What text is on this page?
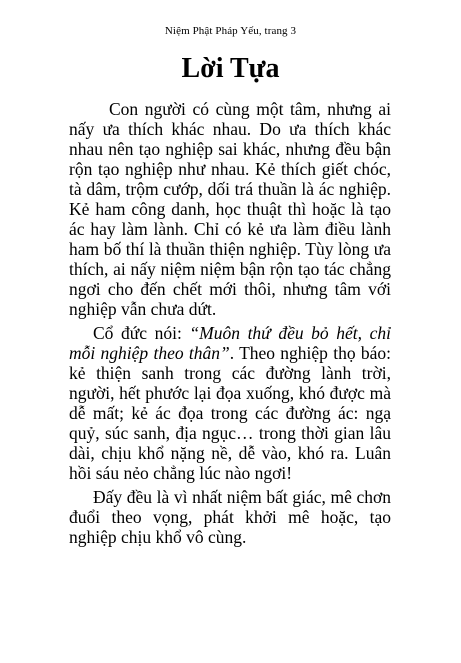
Niệm Phật Pháp Yếu, trang 3
Lời Tựa

Con người có cùng một tâm, nhưng ai nấy ưa thích khác nhau. Do ưa thích khác nhau nên tạo nghiệp sai khác, nhưng đều bận rộn tạo nghiệp như nhau. Kẻ thích giết chóc, tà dâm, trộm cướp, dối trá thuần là ác nghiệp. Kẻ ham công danh, học thuật thì hoặc là tạo ác hay làm lành. Chỉ có kẻ ưa làm điều lành ham bố thí là thuần thiện nghiệp. Tùy lòng ưa thích, ai nấy niệm niệm bận rộn tạo tác chẳng ngơi cho đến chết mới thôi, nhưng tâm với nghiệp vẫn chưa dứt.

Cổ đức nói: “Muôn thứ đều bỏ hết, chỉ mỗi nghiệp theo thân”. Theo nghiệp thọ báo: kẻ thiện sanh trong các đường lành trời, người, hết phước lại đọa xuống, khó được mà dễ mất; kẻ ác đọa trong các đường ác: ngạ quỷ, súc sanh, địa ngục… trong thời gian lâu dài, chịu khổ nặng nề, dễ vào, khó ra. Luân hồi sáu nẻo chẳng lúc nào ngơi!

Đấy đều là vì nhất niệm bất giác, mê chơn đuổi theo vọng, phát khởi mê hoặc, tạo nghiệp chịu khổ vô cùng.
